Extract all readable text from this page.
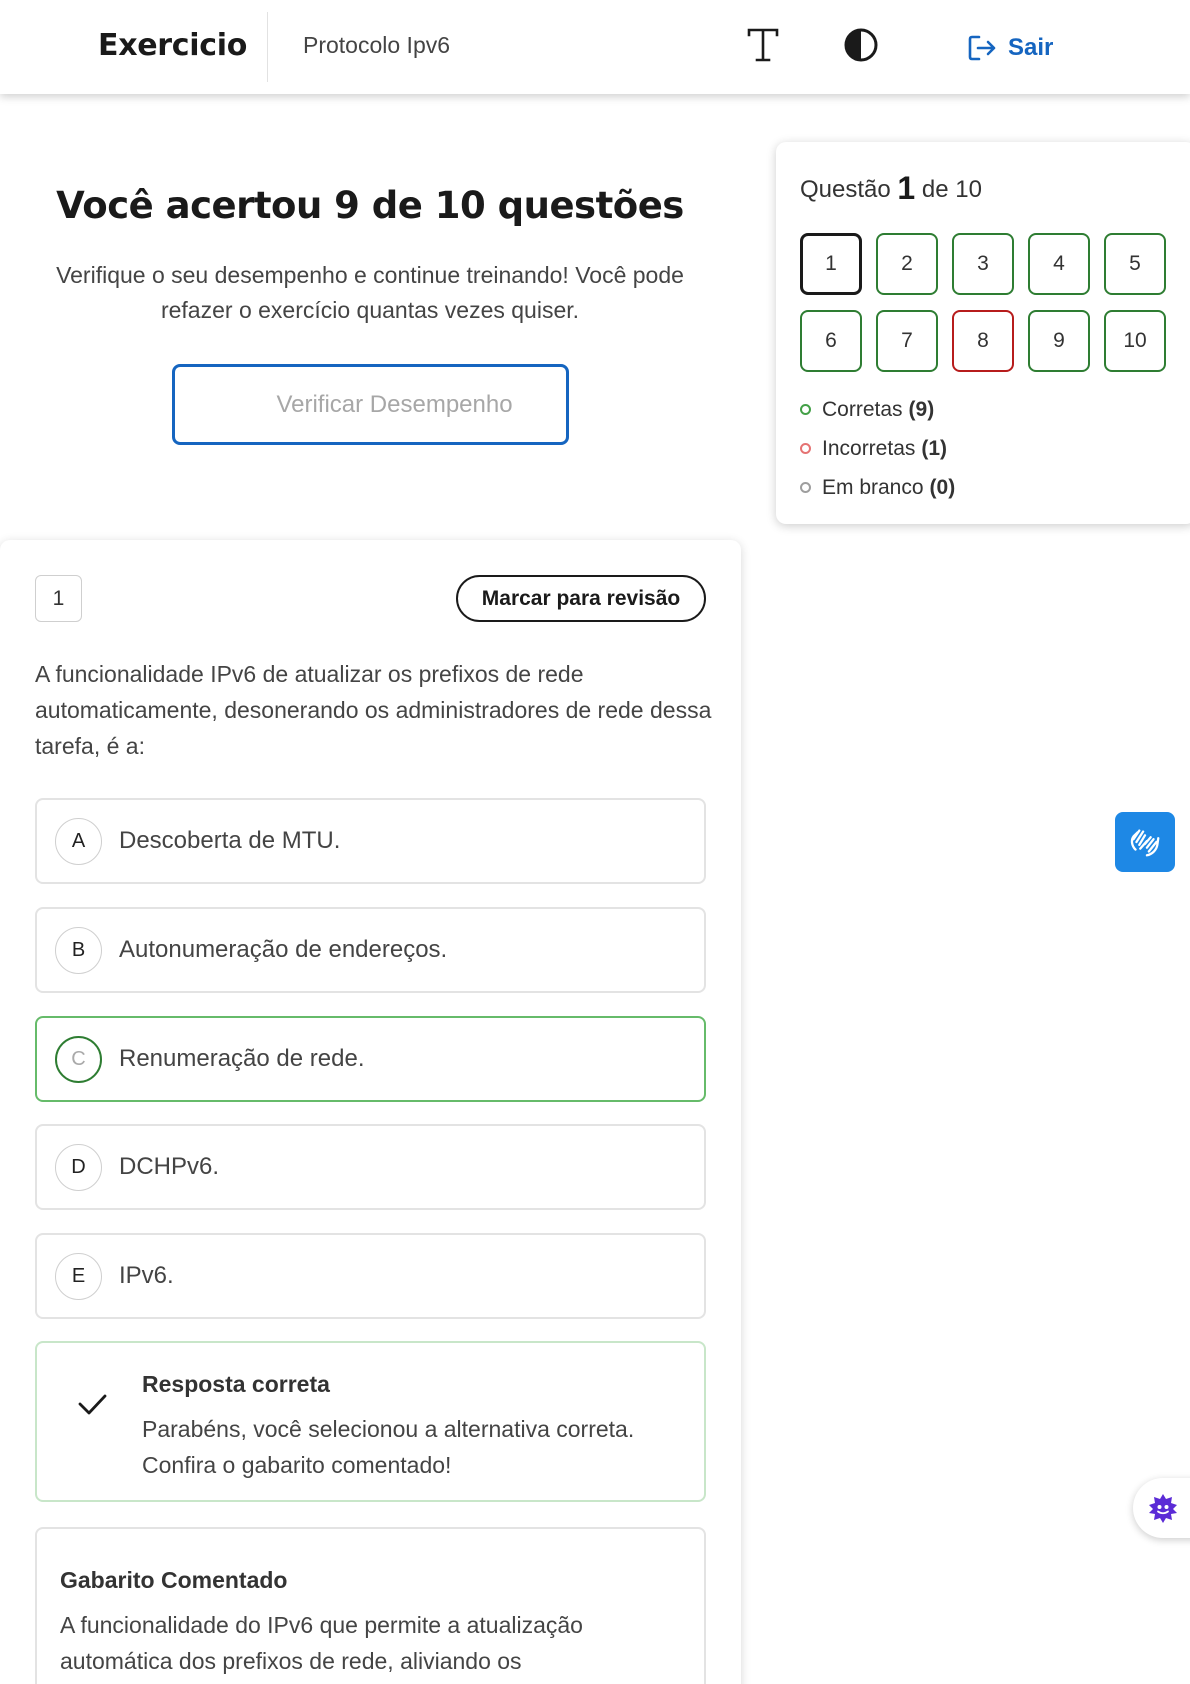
Exercicio Protocolo Ipv6	Sair
Você acertou 9 de 10 questões
Verifique o seu desempenho e continue treinando! Você pode refazer o exercício quantas vezes quiser.
Verificar Desempenho
Questão 1 de 10
1	2	3	4	5
6	7	8	9	10
Corretas (9)
Incorretas (1)
Em branco (0)
1	Marcar para revisão
A funcionalidade IPv6 de atualizar os prefixos de rede automaticamente, desonerando os administradores de rede dessa tarefa, é a:
A	Descoberta de MTU.
B	Autonumeração de endereços.
C	Renumeração de rede.
D	DCHPv6.
E	IPv6.
Resposta correta
Parabéns, você selecionou a alternativa correta. Confira o gabarito comentado!
Gabarito Comentado
A funcionalidade do IPv6 que permite a atualização automática dos prefixos de rede, aliviando os
